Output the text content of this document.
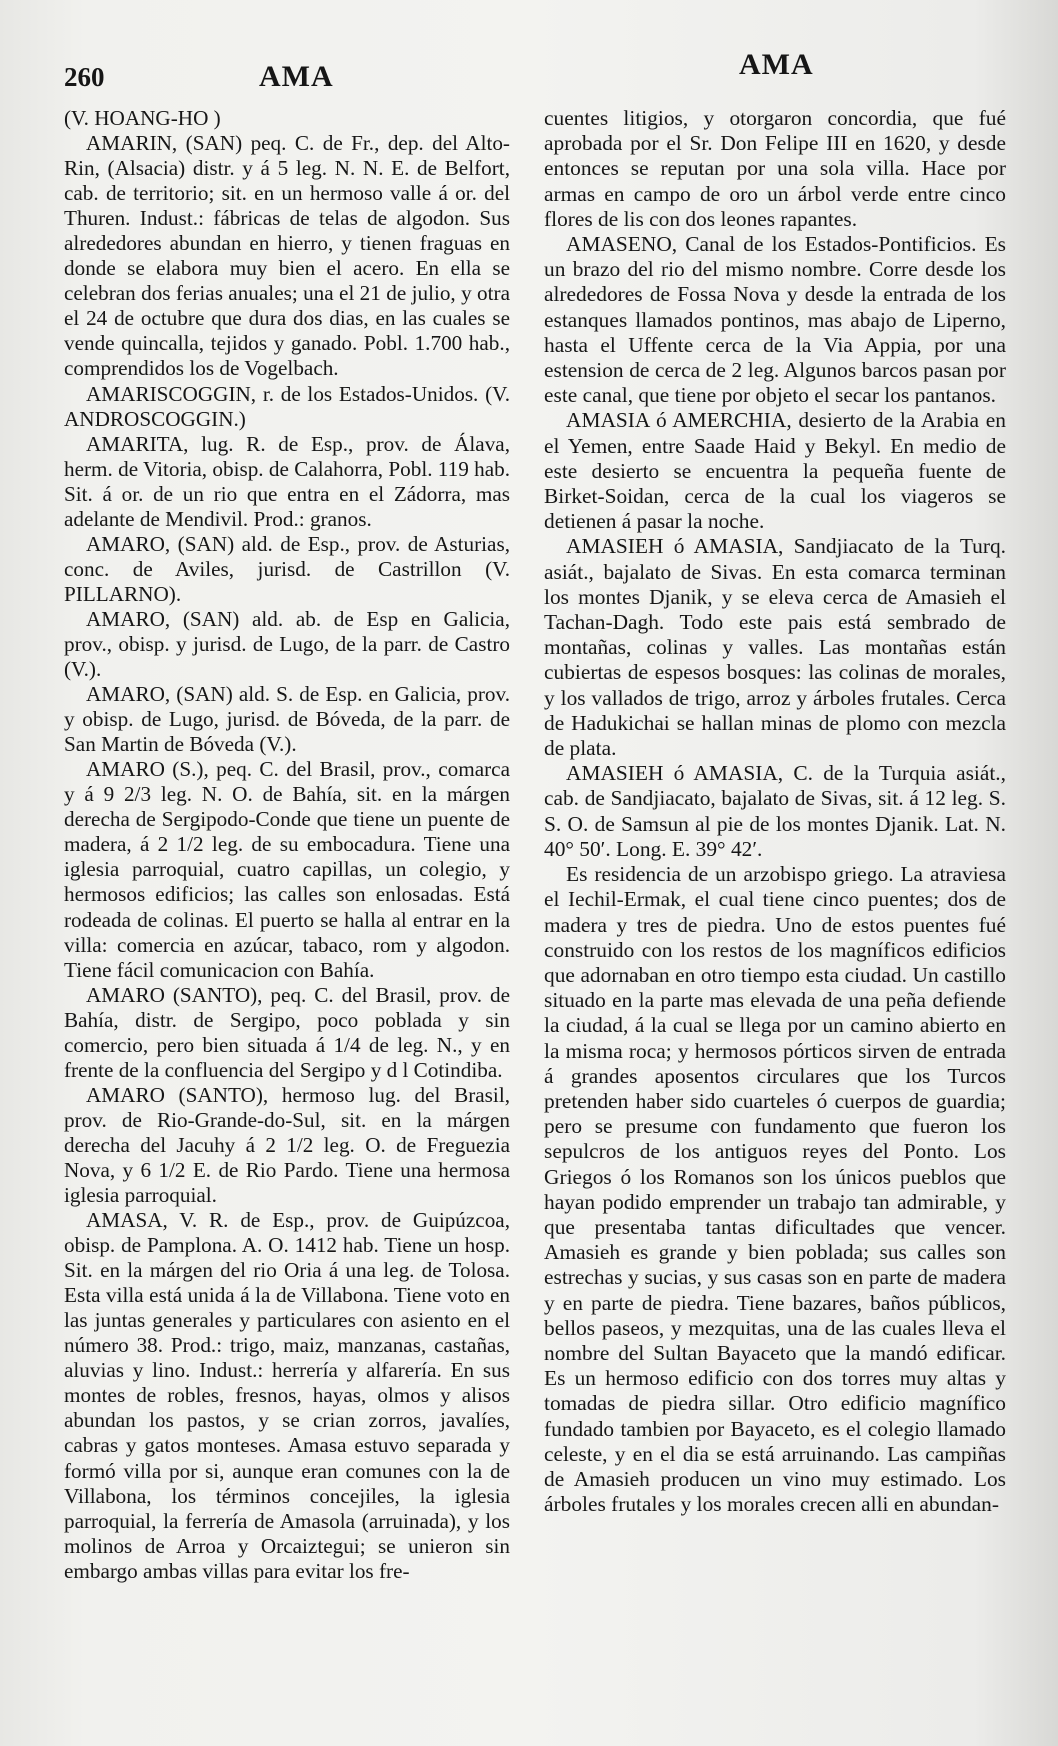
260	AMA

(V. HOANG-HO )

AMARIN, (SAN) peq. C. de Fr., dep. del Alto-Rin, (Alsacia) distr. y á 5 leg. N. N. E. de Belfort, cab. de territorio; sit. en un hermoso valle á or. del Thuren. Indust.: fábricas de telas de algodon. Sus alrededores abundan en hierro, y tienen fraguas en donde se elabora muy bien el acero. En ella se celebran dos ferias anuales; una el 21 de julio, y otra el 24 de octubre que dura dos dias, en las cuales se vende quincalla, tejidos y ganado. Pobl. 1.700 hab., comprendidos los de Vogelbach.

AMARISCOGGIN, r. de los Estados-Unidos. (V. ANDROSCOGGIN.)

AMARITA, lug. R. de Esp., prov. de Álava, herm. de Vitoria, obisp. de Calahorra, Pobl. 119 hab. Sit. á or. de un rio que entra en el Zádorra, mas adelante de Mendivil. Prod.: granos.

AMARO, (SAN) ald. de Esp., prov. de Asturias, conc. de Aviles, jurisd. de Castrillon (V. PILLARNO).

AMARO, (SAN) ald. ab. de Esp en Galicia, prov., obisp. y jurisd. de Lugo, de la parr. de Castro (V.).

AMARO, (SAN) ald. S. de Esp. en Galicia, prov. y obisp. de Lugo, jurisd. de Bóveda, de la parr. de San Martin de Bóveda (V.).

AMARO (S.), peq. C. del Brasil, prov., comarca y á 9 2/3 leg. N. O. de Bahía, sit. en la márgen derecha de Sergipodo-Conde que tiene un puente de madera, á 2 1/2 leg. de su embocadura. Tiene una iglesia parroquial, cuatro capillas, un colegio, y hermosos edificios; las calles son enlosadas. Está rodeada de colinas. El puerto se halla al entrar en la villa: comercia en azúcar, tabaco, rom y algodon. Tiene fácil comunicacion con Bahía.

AMARO (SANTO), peq. C. del Brasil, prov. de Bahía, distr. de Sergipo, poco poblada y sin comercio, pero bien situada á 1/4 de leg. N., y en frente de la confluencia del Sergipo y d l Cotindiba.

AMARO (SANTO), hermoso lug. del Brasil, prov. de Rio-Grande-do-Sul, sit. en la márgen derecha del Jacuhy á 2 1/2 leg. O. de Freguezia Nova, y 6 1/2 E. de Rio Pardo. Tiene una hermosa iglesia parroquial.

AMASA, V. R. de Esp., prov. de Guipúzcoa, obisp. de Pamplona. A. O. 1412 hab. Tiene un hosp. Sit. en la márgen del rio Oria á una leg. de Tolosa. Esta villa está unida á la de Villabona. Tiene voto en las juntas generales y particulares con asiento en el número 38. Prod.: trigo, maiz, manzanas, castañas, aluvias y lino. Indust.: herrería y alfarería. En sus montes de robles, fresnos, hayas, olmos y alisos abundan los pastos, y se crian zorros, javalíes, cabras y gatos monteses. Amasa estuvo separada y formó villa por si, aunque eran comunes con la de Villabona, los términos concejiles, la iglesia parroquial, la ferrería de Amasola (arruinada), y los molinos de Arroa y Orcaiztegui; se unieron sin embargo ambas villas para evitar los fre-

AMA

cuentes litigios, y otorgaron concordia, que fué aprobada por el Sr. Don Felipe III en 1620, y desde entonces se reputan por una sola villa. Hace por armas en campo de oro un árbol verde entre cinco flores de lis con dos leones rapantes.

AMASENO, Canal de los Estados-Pontificios. Es un brazo del rio del mismo nombre. Corre desde los alrededores de Fossa Nova y desde la entrada de los estanques llamados pontinos, mas abajo de Liperno, hasta el Uffente cerca de la Via Appia, por una estension de cerca de 2 leg. Algunos barcos pasan por este canal, que tiene por objeto el secar los pantanos.

AMASIA ó AMERCHIA, desierto de la Arabia en el Yemen, entre Saade Haid y Bekyl. En medio de este desierto se encuentra la pequeña fuente de Birket-Soidan, cerca de la cual los viageros se detienen á pasar la noche.

AMASIEH ó AMASIA, Sandjiacato de la Turq. asiát., bajalato de Sivas. En esta comarca terminan los montes Djanik, y se eleva cerca de Amasieh el Tachan-Dagh. Todo este pais está sembrado de montañas, colinas y valles. Las montañas están cubiertas de espesos bosques: las colinas de morales, y los vallados de trigo, arroz y árboles frutales. Cerca de Hadukichai se hallan minas de plomo con mezcla de plata.

AMASIEH ó AMASIA, C. de la Turquia asiát., cab. de Sandjiacato, bajalato de Sivas, sit. á 12 leg. S. S. O. de Samsun al pie de los montes Djanik. Lat. N. 40° 50′. Long. E. 39° 42′.

Es residencia de un arzobispo griego. La atraviesa el Iechil-Ermak, el cual tiene cinco puentes; dos de madera y tres de piedra. Uno de estos puentes fué construido con los restos de los magníficos edificios que adornaban en otro tiempo esta ciudad. Un castillo situado en la parte mas elevada de una peña defiende la ciudad, á la cual se llega por un camino abierto en la misma roca; y hermosos pórticos sirven de entrada á grandes aposentos circulares que los Turcos pretenden haber sido cuarteles ó cuerpos de guardia; pero se presume con fundamento que fueron los sepulcros de los antiguos reyes del Ponto. Los Griegos ó los Romanos son los únicos pueblos que hayan podido emprender un trabajo tan admirable, y que presentaba tantas dificultades que vencer. Amasieh es grande y bien poblada; sus calles son estrechas y sucias, y sus casas son en parte de madera y en parte de piedra. Tiene bazares, baños públicos, bellos paseos, y mezquitas, una de las cuales lleva el nombre del Sultan Bayaceto que la mandó edificar. Es un hermoso edificio con dos torres muy altas y tomadas de piedra sillar. Otro edificio magnífico fundado tambien por Bayaceto, es el colegio llamado celeste, y en el dia se está arruinando. Las campiñas de Amasieh producen un vino muy estimado. Los árboles frutales y los morales crecen alli en abundan-
